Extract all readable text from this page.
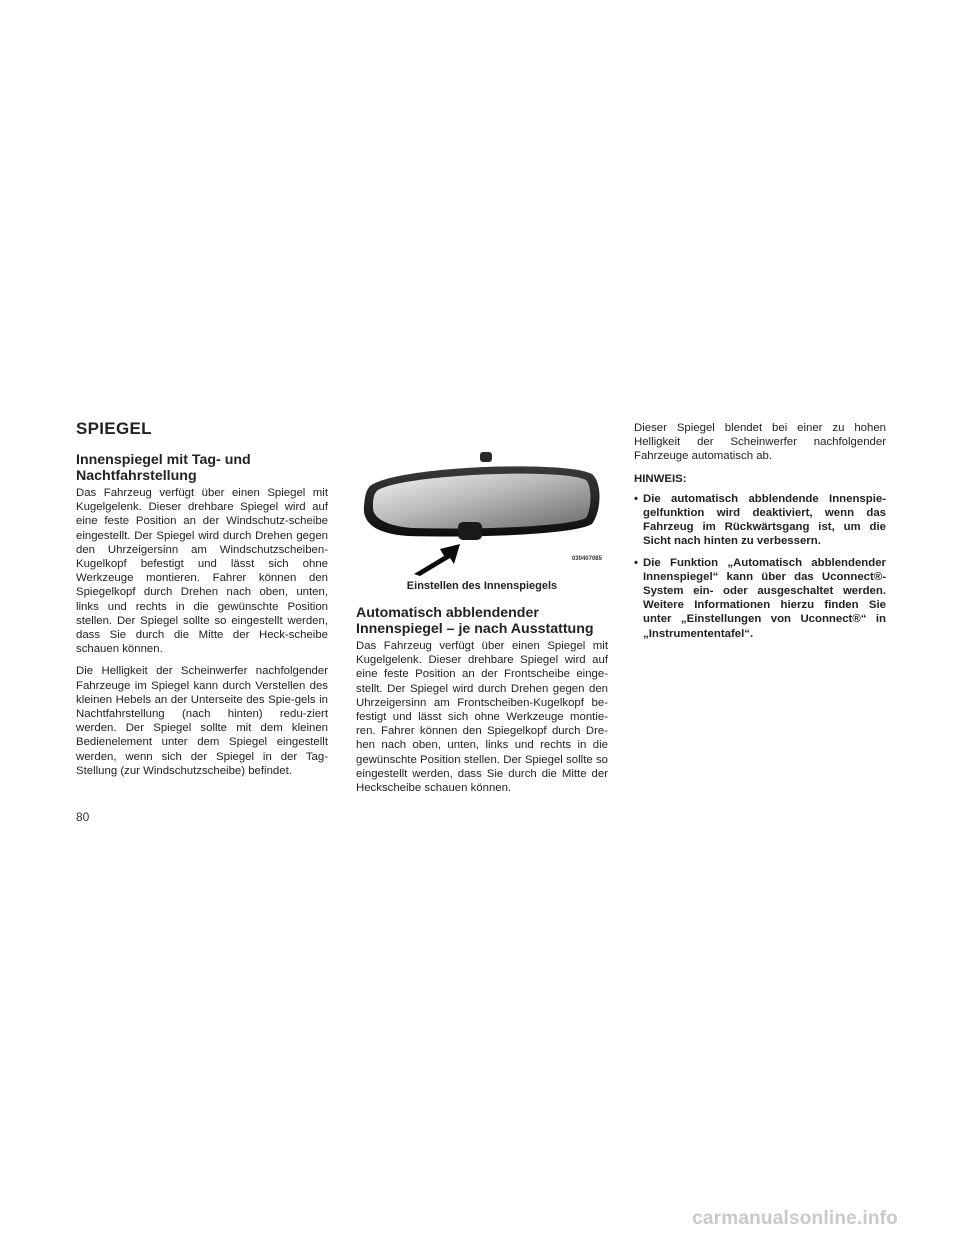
SPIEGEL
Innenspiegel mit Tag- und Nachtfahrstellung

Das Fahrzeug verfügt über einen Spiegel mit Kugelgelenk. Dieser drehbare Spiegel wird auf eine feste Position an der Windschutz-scheibe eingestellt. Der Spiegel wird durch Drehen gegen den Uhrzeigersinn am Windschutzscheiben-Kugelkopf befestigt und lässt sich ohne Werkzeuge montieren. Fahrer können den Spiegelkopf durch Drehen nach oben, unten, links und rechts in die gewünschte Position stellen. Der Spiegel sollte so eingestellt werden, dass Sie durch die Mitte der Heck-scheibe schauen können.

Die Helligkeit der Scheinwerfer nachfolgender Fahrzeuge im Spiegel kann durch Verstellen des kleinen Hebels an der Unterseite des Spie-gels in Nachtfahrstellung (nach hinten) redu-ziert werden. Der Spiegel sollte mit dem kleinen Bedienelement unter dem Spiegel eingestellt werden, wenn sich der Spiegel in der Tag-Stellung (zur Windschutzscheibe) befindet.

030407085
Einstellen des Innenspiegels
Automatisch abblendender Innenspiegel – je nach Ausstattung

Das Fahrzeug verfügt über einen Spiegel mit Kugelgelenk. Dieser drehbare Spiegel wird auf eine feste Position an der Frontscheibe einge-stellt. Der Spiegel wird durch Drehen gegen den Uhrzeigersinn am Frontscheiben-Kugelkopf be-festigt und lässt sich ohne Werkzeuge montie-ren. Fahrer können den Spiegelkopf durch Dre-hen nach oben, unten, links und rechts in die gewünschte Position stellen. Der Spiegel sollte so eingestellt werden, dass Sie durch die Mitte der Heckscheibe schauen können.

Dieser Spiegel blendet bei einer zu hohen Helligkeit der Scheinwerfer nachfolgender Fahrzeuge automatisch ab.

HINWEIS:

• Die automatisch abblendende Innenspie-gelfunktion wird deaktiviert, wenn das Fahrzeug im Rückwärtsgang ist, um die Sicht nach hinten zu verbessern.
• Die Funktion „Automatisch abblendender Innenspiegel“ kann über das Uconnect®-System ein- oder ausgeschaltet werden. Weitere Informationen hierzu finden Sie unter „Einstellungen von Uconnect®“ in „Instrumententafel“.
80
carmanualsonline.info
